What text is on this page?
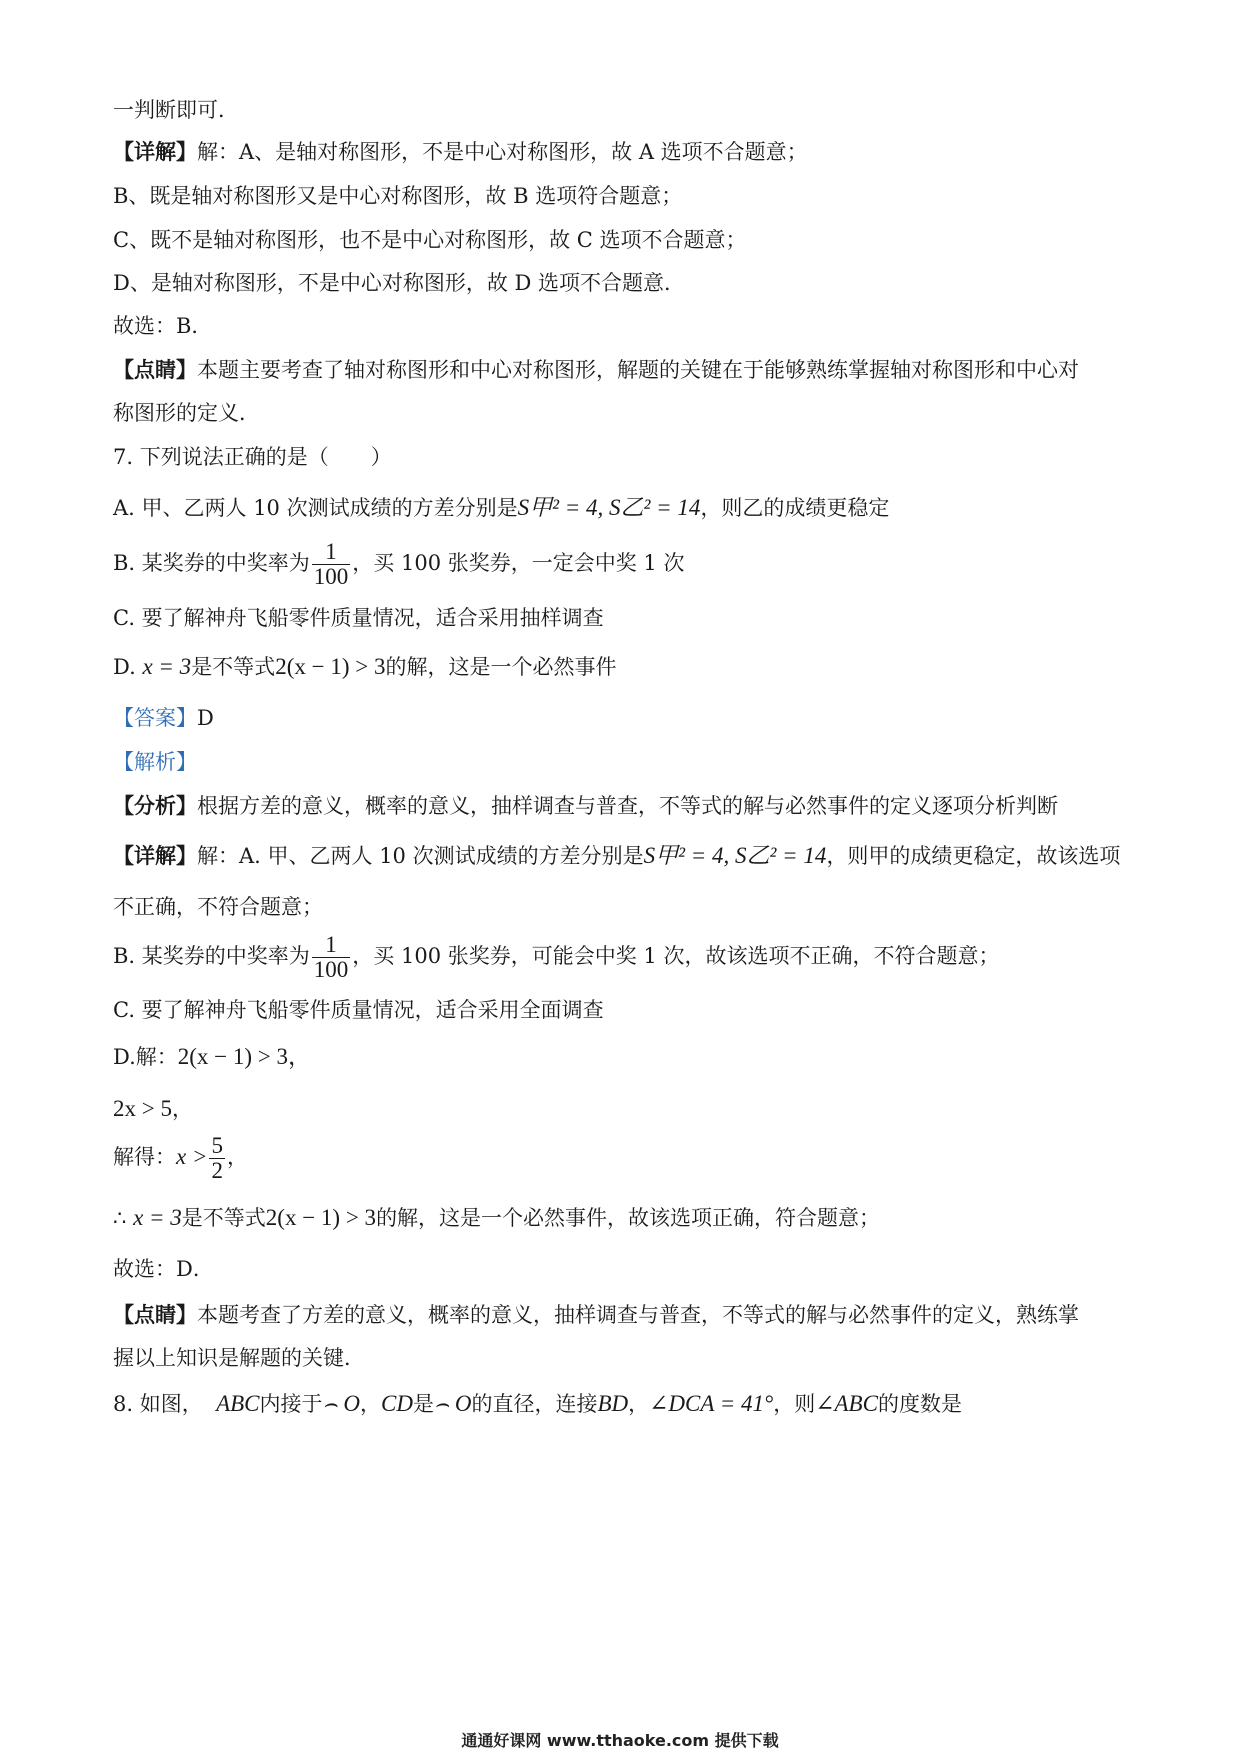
一判断即可．
【详解】解：A、是轴对称图形，不是中心对称图形，故 A 选项不合题意；
B、既是轴对称图形又是中心对称图形，故 B 选项符合题意；
C、既不是轴对称图形，也不是中心对称图形，故 C 选项不合题意；
D、是轴对称图形，不是中心对称图形，故 D 选项不合题意．
故选：B．
【点睛】本题主要考查了轴对称图形和中心对称图形，解题的关键在于能够熟练掌握轴对称图形和中心对
称图形的定义．
7. 下列说法正确的是（　　）
A. 甲、乙两人 10 次测试成绩的方差分别是S甲² = 4, S乙² = 14，则乙的成绩更稳定
B. 某奖券的中奖率为 $\frac{1}{100}$ ，买 100 张奖券，一定会中奖 1 次
C. 要了解神舟飞船零件质量情况，适合采用抽样调查
D. x = 3是不等式2(x − 1) > 3的解，这是一个必然事件
【答案】D
【解析】
【分析】根据方差的意义，概率的意义，抽样调查与普查，不等式的解与必然事件的定义逐项分析判断
【详解】解：A. 甲、乙两人 10 次测试成绩的方差分别是S甲² = 4, S乙² = 14，则甲的成绩更稳定，故该选项
不正确，不符合题意；
B. 某奖券的中奖率为 $\frac{1}{100}$ ，买 100 张奖券，可能会中奖 1 次，故该选项不正确，不符合题意；
C. 要了解神舟飞船零件质量情况，适合采用全面调查
D.解：2(x − 1) > 3，
2x > 5，
解得：$x > \frac{5}{2}$ ，
∴ x = 3是不等式2(x − 1) > 3的解，这是一个必然事件，故该选项正确，符合题意；
故选：D．
【点睛】本题考查了方差的意义，概率的意义，抽样调查与普查，不等式的解与必然事件的定义，熟练掌
握以上知识是解题的关键．
8. 如图， ABC内接于⌢ O，CD是⌢ O的直径，连接BD，∠DCA = 41°，则∠ABC的度数是
通通好课网 www.tthaoke.com 提供下载
